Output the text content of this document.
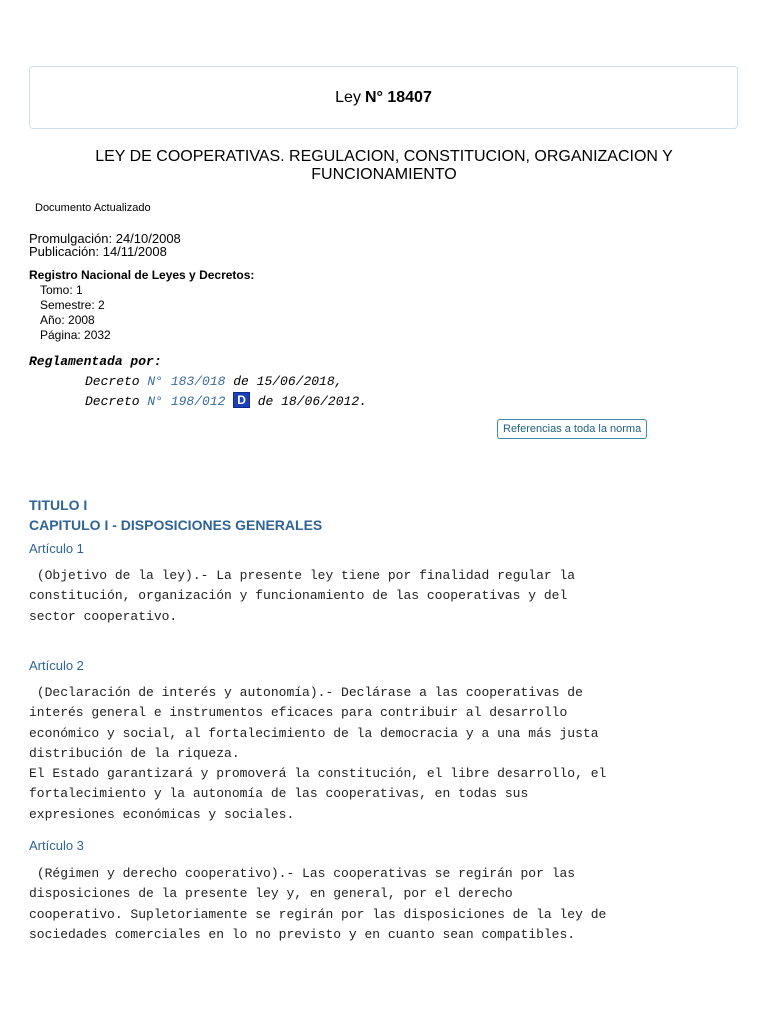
Ley N° 18407
LEY DE COOPERATIVAS. REGULACION, CONSTITUCION, ORGANIZACION Y
FUNCIONAMIENTO
Documento Actualizado
Promulgación: 24/10/2008
Publicación: 14/11/2008
Registro Nacional de Leyes y Decretos:
Tomo: 1
Semestre: 2
Año: 2008
Página: 2032
Reglamentada por:
Decreto N° 183/018 de 15/06/2018,
Decreto N° 198/012 D de 18/06/2012.
Referencias a toda la norma
TITULO I
CAPITULO I - DISPOSICIONES GENERALES
Artículo 1
(Objetivo de la ley).- La presente ley tiene por finalidad regular la
constitución, organización y funcionamiento de las cooperativas y del
sector cooperativo.
Artículo 2
(Declaración de interés y autonomía).- Declárase a las cooperativas de
interés general e instrumentos eficaces para contribuir al desarrollo
económico y social, al fortalecimiento de la democracia y a una más justa
distribución de la riqueza.
El Estado garantizará y promoverá la constitución, el libre desarrollo, el
fortalecimiento y la autonomía de las cooperativas, en todas sus
expresiones económicas y sociales.
Artículo 3
(Régimen y derecho cooperativo).- Las cooperativas se regirán por las
disposiciones de la presente ley y, en general, por el derecho
cooperativo. Supletoriamente se regirán por las disposiciones de la ley de
sociedades comerciales en lo no previsto y en cuanto sean compatibles.
